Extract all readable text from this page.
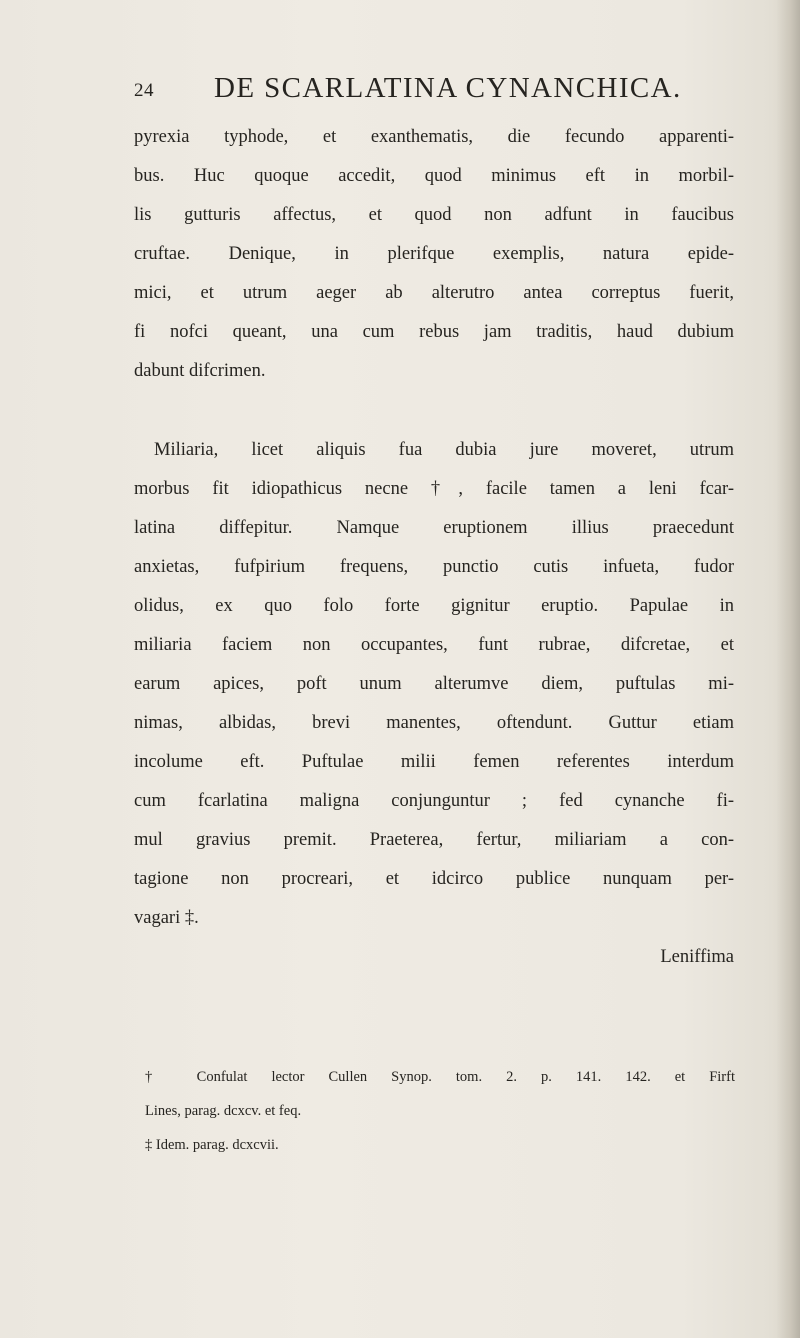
24 DE SCARLATINA CYNANCHICA.
pyrexia typhode, et exanthematis, die fecundo apparenti-
bus. Huc quoque accedit, quod minimus eft in morbil-
lis gutturis affectus, et quod non adfunt in faucibus
cruftae. Denique, in plerifque exemplis, natura epide-
mici, et utrum aeger ab alterutro antea correptus fuerit,
fi nofci queant, una cum rebus jam traditis, haud dubium
dabunt difcrimen.
Miliaria, licet aliquis fua dubia jure moveret, utrum
morbus fit idiopathicus necne †, facile tamen a leni fcar-
latina diffepitur. Namque eruptionem illius praecedunt
anxietas, fufpirium frequens, punctio cutis infueta, fudor
olidus, ex quo folo forte gignitur eruptio. Papulae in
miliaria faciem non occupantes, funt rubrae, difcretae, et
earum apices, poft unum alterumve diem, puftulas mi-
nimas, albidas, brevi manentes, oftendunt. Guttur etiam
incolume eft. Puftulae milii femen referentes interdum
cum fcarlatina maligna conjunguntur ; fed cynanche fi-
mul gravius premit. Praeterea, fertur, miliariam a con-
tagione non procreari, et idcirco publice nunquam per-
vagari ‡.
Leniffima
† Confulat lector Cullen Synop. tom. 2. p. 141. 142. et Firft
Lines, parag. dcxcv. et feq.
‡ Idem. parag. dcxcvii.
